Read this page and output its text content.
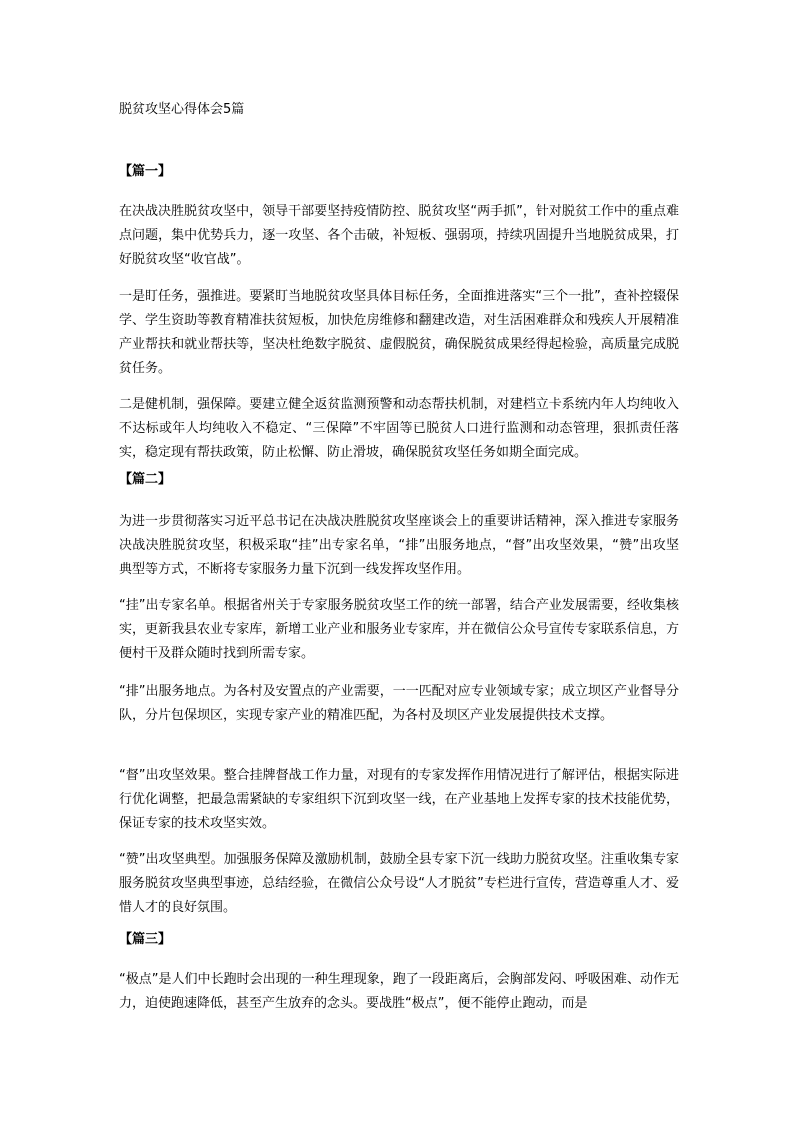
脱贫攻坚心得体会5篇
【篇一】

在决战决胜脱贫攻坚中，领导干部要坚持疫情防控、脱贫攻坚“两手抓”，针对脱贫工作中的重点难点问题，集中优势兵力，逐一攻坚、各个击破，补短板、强弱项，持续巩固提升当地脱贫成果，打好脱贫攻坚“收官战”。

一是盯任务，强推进。要紧盯当地脱贫攻坚具体目标任务，全面推进落实“三个一批”，查补控辍保学、学生资助等教育精准扶贫短板，加快危房维修和翻建改造，对生活困难群众和残疾人开展精准产业帮扶和就业帮扶等，坚决杜绝数字脱贫、虚假脱贫，确保脱贫成果经得起检验，高质量完成脱贫任务。

二是健机制，强保障。要建立健全返贫监测预警和动态帮扶机制，对建档立卡系统内年人均纯收入不达标或年人均纯收入不稳定、“三保障”不牢固等已脱贫人口进行监测和动态管理，狠抓责任落实，稳定现有帮扶政策，防止松懈、防止滑坡，确保脱贫攻坚任务如期全面完成。

【篇二】

为进一步贯彻落实习近平总书记在决战决胜脱贫攻坚座谈会上的重要讲话精神，深入推进专家服务决战决胜脱贫攻坚，积极采取“挂”出专家名单，“排”出服务地点，“督”出攻坚效果，“赞”出攻坚典型等方式，不断将专家服务力量下沉到一线发挥攻坚作用。

“挂”出专家名单。根据省州关于专家服务脱贫攻坚工作的统一部署，结合产业发展需要，经收集核实，更新我县农业专家库，新增工业产业和服务业专家库，并在微信公众号宣传专家联系信息，方便村干及群众随时找到所需专家。

“排”出服务地点。为各村及安置点的产业需要，一一匹配对应专业领域专家；成立坝区产业督导分队，分片包保坝区，实现专家产业的精准匹配，为各村及坝区产业发展提供技术支撑。

“督”出攻坚效果。整合挂牌督战工作力量，对现有的专家发挥作用情况进行了解评估，根据实际进行优化调整，把最急需紧缺的专家组织下沉到攻坚一线，在产业基地上发挥专家的技术技能优势，保证专家的技术攻坚实效。

“赞”出攻坚典型。加强服务保障及激励机制，鼓励全县专家下沉一线助力脱贫攻坚。注重收集专家服务脱贫攻坚典型事迹，总结经验，在微信公众号设“人才脱贫”专栏进行宣传，营造尊重人才、爱惜人才的良好氛围。

【篇三】

“极点”是人们中长跑时会出现的一种生理现象，跑了一段距离后，会胸部发闷、呼吸困难、动作无力，迫使跑速降低，甚至产生放弃的念头。要战胜“极点”，便不能停止跑动，而是
